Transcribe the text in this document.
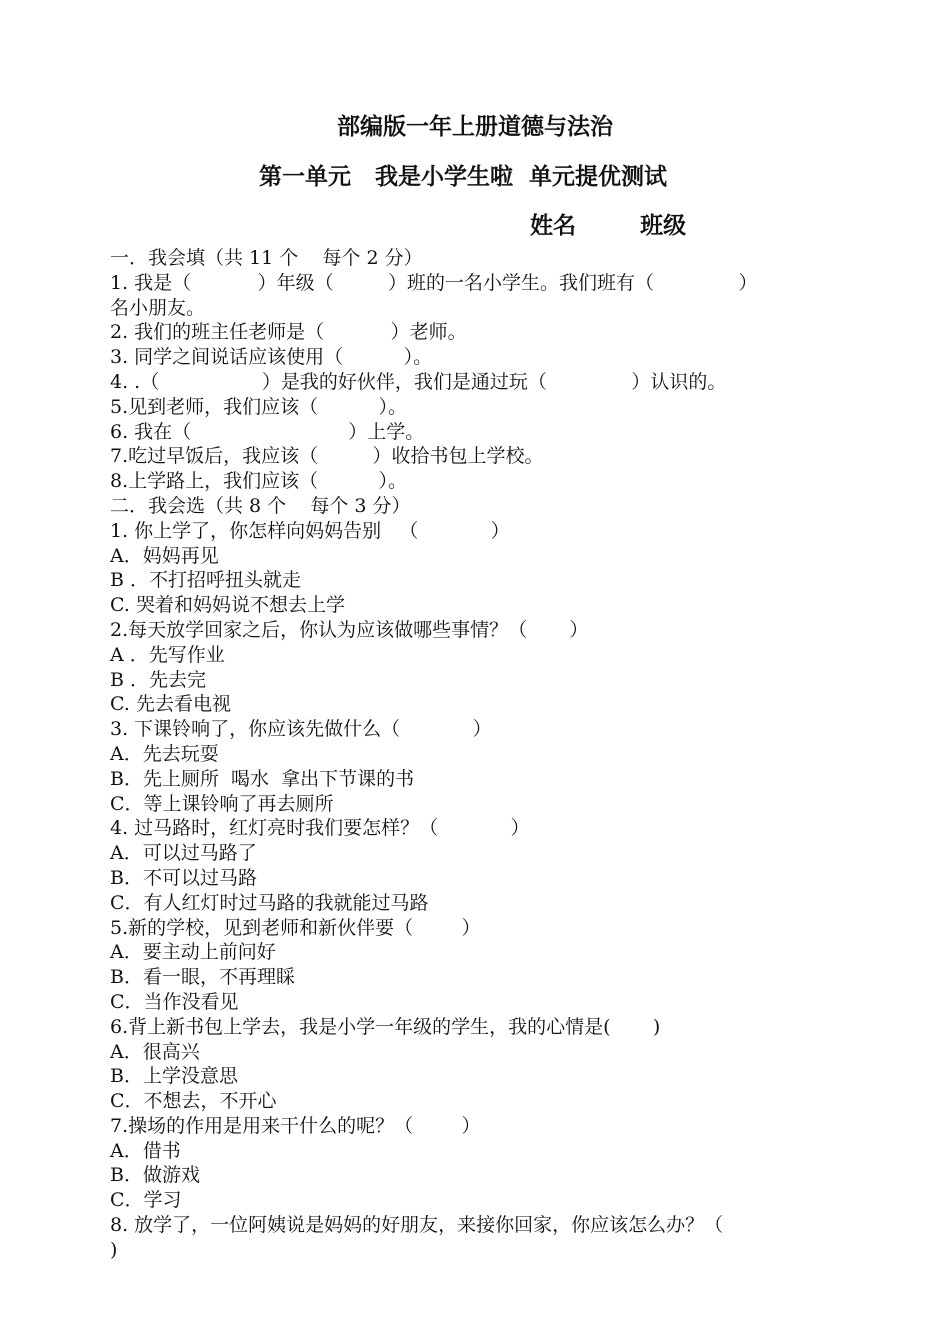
部编版一年上册道德与法治
第一单元   我是小学生啦  单元提优测试
姓名	班级
一．我会填（共 11 个    每个 2 分）
1. 我是（           ）年级（         ）班的一名小学生。我们班有（              ）
名小朋友。
2. 我们的班主任老师是（           ）老师。
3. 同学之间说话应该使用（          ）。
4. .（                 ）是我的好伙伴，我们是通过玩（              ）认识的。
5.见到老师，我们应该（          ）。
6. 我在（                          ）上学。
7.吃过早饭后，我应该（         ）收拾书包上学校。
8.上学路上，我们应该（          ）。
二．我会选（共 8 个    每个 3 分）
1. 你上学了，你怎样向妈妈告别   （            ）
A．妈妈再见
B ．不打招呼扭头就走
C. 哭着和妈妈说不想去上学
2.每天放学回家之后，你认为应该做哪些事情？（       ）
A ．先写作业
B ．先去完
C. 先去看电视
3. 下课铃响了，你应该先做什么（            ）
A．先去玩耍
B．先上厕所  喝水  拿出下节课的书
C．等上课铃响了再去厕所
4. 过马路时，红灯亮时我们要怎样？（            ）
A．可以过马路了
B．不可以过马路
C．有人红灯时过马路的我就能过马路
5.新的学校，见到老师和新伙伴要（        ）
A．要主动上前问好
B．看一眼，不再理睬
C．当作没看见
6.背上新书包上学去，我是小学一年级的学生，我的心情是(       )
A．很高兴
B．上学没意思
C．不想去，不开心
7.操场的作用是用来干什么的呢？（        ）
A．借书
B．做游戏
C．学习
8. 放学了，一位阿姨说是妈妈的好朋友，来接你回家，你应该怎么办？（
)
